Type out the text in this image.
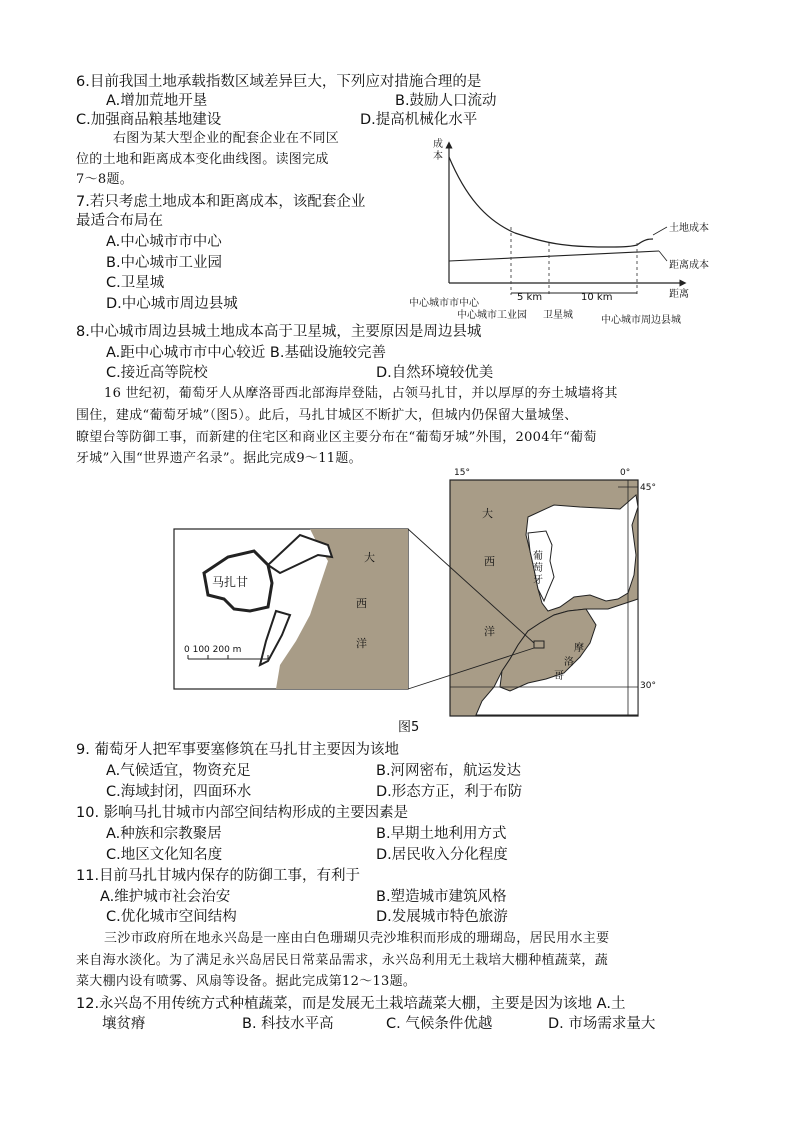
6.目前我国土地承载指数区域差异巨大，下列应对措施合理的是
A.增加荒地开垦	B.鼓励人口流动
C.加强商品粮基地建设	D.提高机械化水平
右图为某大型企业的配套企业在不同区
位的土地和距离成本变化曲线图。读图完成
7～8题。
7.若只考虑土地成本和距离成本，该配套企业
最适合布局在
A.中心城市市中心
B.中心城市工业园
C.卫星城
D.中心城市周边县城
成本
土地成本
距离成本
距离
5 km	10 km
中心城市市中心
中心城市工业园 卫星城	中心城市周边县城
8.中心城市周边县城土地成本高于卫星城，主要原因是周边县城
A.距中心城市市中心较近 B.基础设施较完善
C.接近高等院校	D.自然环境较优美
16 世纪初，葡萄牙人从摩洛哥西北部海岸登陆，占领马扎甘，并以厚厚的夯土城墙将其
围住，建成“葡萄牙城”（图5）。此后，马扎甘城区不断扩大，但城内仍保留大量城堡、
瞭望台等防御工事，而新建的住宅区和商业区主要分布在“葡萄牙城”外围，2004年“葡萄
牙城”入围“世界遗产名录”。据此完成9～11题。
马扎甘
大
西
洋
0 100 200 m
大
西
洋
葡
萄
牙
摩
洛
哥
15°	0°
45°
30°
图5
9. 葡萄牙人把军事要塞修筑在马扎甘主要因为该地
A.气候适宜，物资充足	B.河网密布，航运发达
C.海域封闭，四面环水	D.形态方正，利于布防
10. 影响马扎甘城市内部空间结构形成的主要因素是
A.种族和宗教聚居	B.早期土地利用方式
C.地区文化知名度	D.居民收入分化程度
11.目前马扎甘城内保存的防御工事，有利于
A.维护城市社会治安	B.塑造城市建筑风格
C.优化城市空间结构	D.发展城市特色旅游
三沙市政府所在地永兴岛是一座由白色珊瑚贝壳沙堆积而形成的珊瑚岛，居民用水主要
来自海水淡化。为了满足永兴岛居民日常菜品需求，永兴岛利用无土栽培大棚种植蔬菜，蔬
菜大棚内设有喷雾、风扇等设备。据此完成第12～13题。
12.永兴岛不用传统方式种植蔬菜，而是发展无土栽培蔬菜大棚，主要是因为该地 A.土
壤贫瘠	B. 科技水平高	C. 气候条件优越	D. 市场需求量大
